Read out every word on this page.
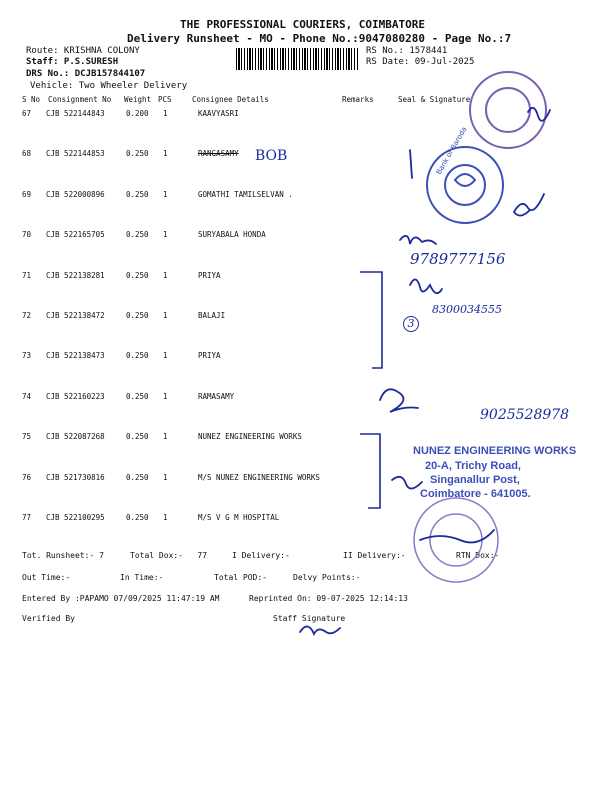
THE PROFESSIONAL COURIERS, COIMBATORE
Delivery Runsheet - MO - Phone No.:9047080280 - Page No.:7
Route: KRISHNA COLONY
Staff: P.S.SURESH
DRS No.: DCJB157844107
Vehicle: Two Wheeler Delivery
RS No.: 1578441
RS Date: 09-Jul-2025
S No Consignment No Weight PCS	Consignee Details	Remarks	Seal & Signature
67 CJB 522144843	0.200 1	KAAVYASRI
68 CJB 522144853	0.250 1	RANGASAMY
69 CJB 522000896	0.250 1	GOMATHI TAMILSELVAN .
70 CJB 522165705	0.250 1	SURYABALA HONDA
71 CJB 522138281	0.250 1	PRIYA
72 CJB 522138472	0.250 1	BALAJI
73 CJB 522138473	0.250 1	PRIYA
74 CJB 522160223	0.250 1	RAMASAMY
75 CJB 522087268	0.250 1	NUNEZ ENGINEERING WORKS
76 CJB 521730816	0.250 1	M/S NUNEZ ENGINEERING WORKS
77 CJB 522100295	0.250 1	M/S V G M HOSPITAL
Tot. Runsheet:- 7	Total Dox:-   77	I Delivery:-	II Delivery:-	RTN Dox:-
Out Time:-	In Time:-	Total POD:-	Delvy Points:-
Entered By :PAPAMO 07/09/2025 11:47:19 AM	Reprinted On: 09-07-2025 12:14:13
Verified By	Staff Signature
BOB
9789777156
8300034555
3
9025528978
NUNEZ ENGINEERING WORKS
20-A, Trichy Road,
Singanallur Post,
Coimbatore - 641005.
Bank of Baroda
